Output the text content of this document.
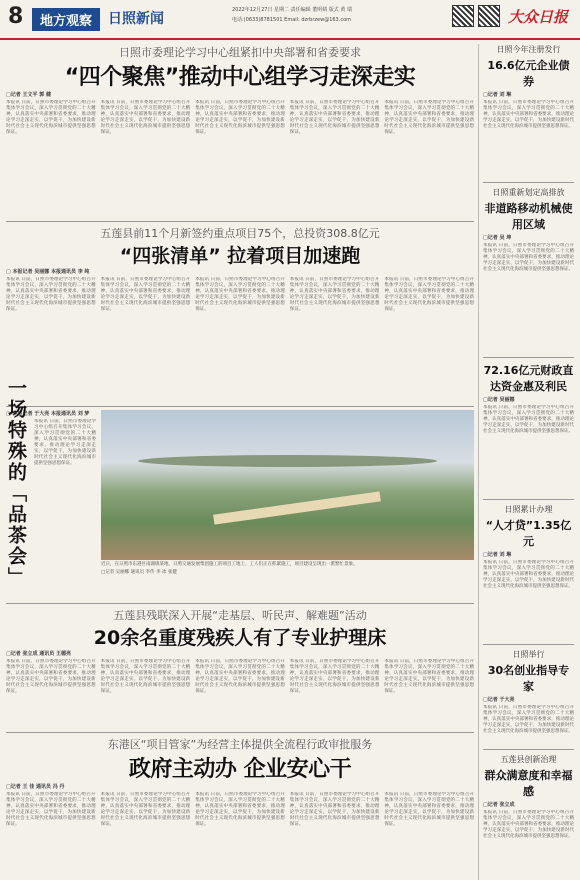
8	地方观察	日照新闻
2022年12月27日 星期二 责任编辑 董明婧 版式 黄 瑞
电话:(0633)8781501 Email: dzrbrzew@163.com	大众日报
日照市委理论学习中心组紧扣中央部署和省委要求
“四个聚焦”推动中心组学习走深走实
□记者 王文平 郭 健
本报讯 日前，日照市委理论学习中心组召开集体学习会议，深入学习贯彻党的二十大精神，认真落实中央部署和省委要求，推动理论学习走深走实，以学促干，为加快建设新时代社会主义现代化海滨城市提供坚强思想保证。
本报讯 日前，日照市委理论学习中心组召开集体学习会议，深入学习贯彻党的二十大精神，认真落实中央部署和省委要求，推动理论学习走深走实，以学促干，为加快建设新时代社会主义现代化海滨城市提供坚强思想保证。
本报讯 日前，日照市委理论学习中心组召开集体学习会议，深入学习贯彻党的二十大精神，认真落实中央部署和省委要求，推动理论学习走深走实，以学促干，为加快建设新时代社会主义现代化海滨城市提供坚强思想保证。
本报讯 日前，日照市委理论学习中心组召开集体学习会议，深入学习贯彻党的二十大精神，认真落实中央部署和省委要求，推动理论学习走深走实，以学促干，为加快建设新时代社会主义现代化海滨城市提供坚强思想保证。
本报讯 日前，日照市委理论学习中心组召开集体学习会议，深入学习贯彻党的二十大精神，认真落实中央部署和省委要求，推动理论学习走深走实，以学促干，为加快建设新时代社会主义现代化海滨城市提供坚强思想保证。
五莲县前11个月新签约重点项目75个，总投资308.8亿元
“四张清单” 拉着项目加速跑
□ 本报记者 吴丽娜 本报通讯员 李 纯
本报讯 日前，日照市委理论学习中心组召开集体学习会议，深入学习贯彻党的二十大精神，认真落实中央部署和省委要求，推动理论学习走深走实，以学促干，为加快建设新时代社会主义现代化海滨城市提供坚强思想保证。
本报讯 日前，日照市委理论学习中心组召开集体学习会议，深入学习贯彻党的二十大精神，认真落实中央部署和省委要求，推动理论学习走深走实，以学促干，为加快建设新时代社会主义现代化海滨城市提供坚强思想保证。
本报讯 日前，日照市委理论学习中心组召开集体学习会议，深入学习贯彻党的二十大精神，认真落实中央部署和省委要求，推动理论学习走深走实，以学促干，为加快建设新时代社会主义现代化海滨城市提供坚强思想保证。
本报讯 日前，日照市委理论学习中心组召开集体学习会议，深入学习贯彻党的二十大精神，认真落实中央部署和省委要求，推动理论学习走深走实，以学促干，为加快建设新时代社会主义现代化海滨城市提供坚强思想保证。
本报讯 日前，日照市委理论学习中心组召开集体学习会议，深入学习贯彻党的二十大精神，认真落实中央部署和省委要求，推动理论学习走深走实，以学促干，为加快建设新时代社会主义现代化海滨城市提供坚强思想保证。
□ 本报记者 于大亮 本报通讯员 刘 梦
本报讯 日前，日照市委理论学习中心组召开集体学习会议，深入学习贯彻党的二十大精神，认真落实中央部署和省委要求，推动理论学习走深走实，以学促干，为加快建设新时代社会主义现代化海滨城市提供坚强思想保证。
近日，在日照市东港区南湖镇某地，日照交通发展集团施工的项目工地上，工人们正在抓紧施工，项目建设呈现出一派繁忙景象。
□记者 吴丽娜 通讯员 李传 李 冰 张健
五莲县残联深入开展“走基层、听民声、解难题”活动
20余名重度残疾人有了专业护理床
□记者 张立成 通讯员 王德亮
本报讯 日前，日照市委理论学习中心组召开集体学习会议，深入学习贯彻党的二十大精神，认真落实中央部署和省委要求，推动理论学习走深走实，以学促干，为加快建设新时代社会主义现代化海滨城市提供坚强思想保证。
本报讯 日前，日照市委理论学习中心组召开集体学习会议，深入学习贯彻党的二十大精神，认真落实中央部署和省委要求，推动理论学习走深走实，以学促干，为加快建设新时代社会主义现代化海滨城市提供坚强思想保证。
本报讯 日前，日照市委理论学习中心组召开集体学习会议，深入学习贯彻党的二十大精神，认真落实中央部署和省委要求，推动理论学习走深走实，以学促干，为加快建设新时代社会主义现代化海滨城市提供坚强思想保证。
本报讯 日前，日照市委理论学习中心组召开集体学习会议，深入学习贯彻党的二十大精神，认真落实中央部署和省委要求，推动理论学习走深走实，以学促干，为加快建设新时代社会主义现代化海滨城市提供坚强思想保证。
本报讯 日前，日照市委理论学习中心组召开集体学习会议，深入学习贯彻党的二十大精神，认真落实中央部署和省委要求，推动理论学习走深走实，以学促干，为加快建设新时代社会主义现代化海滨城市提供坚强思想保证。
东港区“项目管家”为经营主体提供全流程行政审批服务
政府主动办 企业安心干
□记者 王 佳 通讯员 冯 丹
本报讯 日前，日照市委理论学习中心组召开集体学习会议，深入学习贯彻党的二十大精神，认真落实中央部署和省委要求，推动理论学习走深走实，以学促干，为加快建设新时代社会主义现代化海滨城市提供坚强思想保证。
本报讯 日前，日照市委理论学习中心组召开集体学习会议，深入学习贯彻党的二十大精神，认真落实中央部署和省委要求，推动理论学习走深走实，以学促干，为加快建设新时代社会主义现代化海滨城市提供坚强思想保证。
本报讯 日前，日照市委理论学习中心组召开集体学习会议，深入学习贯彻党的二十大精神，认真落实中央部署和省委要求，推动理论学习走深走实，以学促干，为加快建设新时代社会主义现代化海滨城市提供坚强思想保证。
本报讯 日前，日照市委理论学习中心组召开集体学习会议，深入学习贯彻党的二十大精神，认真落实中央部署和省委要求，推动理论学习走深走实，以学促干，为加快建设新时代社会主义现代化海滨城市提供坚强思想保证。
本报讯 日前，日照市委理论学习中心组召开集体学习会议，深入学习贯彻党的二十大精神，认真落实中央部署和省委要求，推动理论学习走深走实，以学促干，为加快建设新时代社会主义现代化海滨城市提供坚强思想保证。
一场特殊的「品茶会」
日照今年注册发行
16.6亿元企业债券
□记者 刘 琳
本报讯 日前，日照市委理论学习中心组召开集体学习会议，深入学习贯彻党的二十大精神，认真落实中央部署和省委要求，推动理论学习走深走实，以学促干，为加快建设新时代社会主义现代化海滨城市提供坚强思想保证。
日照重新划定高排放
非道路移动机械使用区域
□记者 吴 坤
本报讯 日前，日照市委理论学习中心组召开集体学习会议，深入学习贯彻党的二十大精神，认真落实中央部署和省委要求，推动理论学习走深走实，以学促干，为加快建设新时代社会主义现代化海滨城市提供坚强思想保证。
72.16亿元财政直达资金惠及利民
□记者 吴丽娜
本报讯 日前，日照市委理论学习中心组召开集体学习会议，深入学习贯彻党的二十大精神，认真落实中央部署和省委要求，推动理论学习走深走实，以学促干，为加快建设新时代社会主义现代化海滨城市提供坚强思想保证。
日照累计办理
“人才贷”1.35亿元
□记者 刘 琳
本报讯 日前，日照市委理论学习中心组召开集体学习会议，深入学习贯彻党的二十大精神，认真落实中央部署和省委要求，推动理论学习走深走实，以学促干，为加快建设新时代社会主义现代化海滨城市提供坚强思想保证。
日照举行
30名创业指导专家
□记者 于大亮
本报讯 日前，日照市委理论学习中心组召开集体学习会议，深入学习贯彻党的二十大精神，认真落实中央部署和省委要求，推动理论学习走深走实，以学促干，为加快建设新时代社会主义现代化海滨城市提供坚强思想保证。
五莲县创新治理
群众满意度和幸福感
□记者 张立成
本报讯 日前，日照市委理论学习中心组召开集体学习会议，深入学习贯彻党的二十大精神，认真落实中央部署和省委要求，推动理论学习走深走实，以学促干，为加快建设新时代社会主义现代化海滨城市提供坚强思想保证。
